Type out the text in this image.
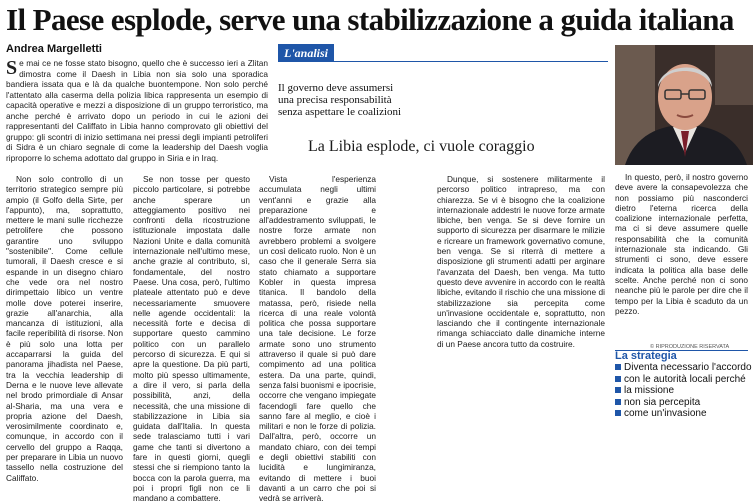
Il Paese esplode, serve una stabilizzazione a guida italiana
Andrea Margelletti

Se mai ce ne fosse stato bisogno, quello che è successo ieri a Zlitan dimostra come il Daesh in Libia non sia solo una sporadica bandiera issata qua e là da qualche buontempone. Non solo perché l'attentato alla caserma della polizia libica rappresenta un esempio di capacità operative e mezzi a disposizione di un gruppo terroristico, ma anche perché è arrivato dopo un periodo in cui le azioni dei rappresentanti del Califfato in Libia hanno comprovato gli obiettivi del gruppo: gli scontri di inizio settimana nei pressi degli impianti petroliferi di Sidra è un chiaro segnale di come la leadership del Daesh voglia riproporre lo schema adottato dal gruppo in Siria e in Iraq.

L'analisi

Il governo deve assumersi
una precisa responsabilità
senza aspettare le coalizioni

La Libia esplode, ci vuole coraggio

Non solo controllo di un territorio strategico sempre più ampio (il Golfo della Sirte, per l'appunto), ma, soprattutto, mettere le mani sulle ricchezze petrolifere che possono garantire uno sviluppo "sostenibile". Come cellule tumorali, il Daesh cresce e si espande in un disegno chiaro che vede ora nel nostro dirimpettaio libico un ventre molle dove poterei inserire, grazie all'anarchia, alla mancanza di istituzioni, alla facile reperibilità di risorse. Non è più solo una lotta per accaparrarsi la guida del panorama jihadista nel Paese, tra la vecchia leadership di Derna e le nuove leve allevate nel brodo primordiale di Ansar al-Sharia, ma una vera e propria azione del Daesh, verosimilmente coordinato e, comunque, in accordo con il cervello del gruppo a Raqqa, per preparare in Libia un nuovo tassello nella costruzione del Califfato.

Se non tosse per questo piccolo particolare, si potrebbe anche sperare un atteggiamento positivo nei confronti della ricostruzione istituzionale impostata dalle Nazioni Unite e dalla comunità internazionale nell'ultimo mese, anche grazie al contributo, sì, fondamentale, del nostro Paese. Una cosa, però, l'ultimo plateale attentato può e deve necessariamente smuovere nelle agende occidentali: la necessità forte e decisa di supportare questo cammino politico con un parallelo percorso di sicurezza. E qui si apre la questione. Da più parti, molto più spesso ultimamente, a dire il vero, si parla della possibilità, anzi, della necessità, che una missione di stabilizzazione in Libia sia guidata dall'Italia. In questa sede tralasciamo tutti i vari game che tanti si divertono a fare in questi giorni, quegli stessi che si riempiono tanto la bocca con la parola guerra, ma poi i propri figli non ce li mandano a combattere.

Vista l'esperienza accumulata negli ultimi vent'anni e grazie alla preparazione e all'addestramento sviluppati, le nostre forze armate non avrebbero problemi a svolgere un così delicato ruolo. Non è un caso che il generale Serra sia stato chiamato a supportare Kobler in questa impresa titanica. Il bandolo della matassa, però, risiede nella ricerca di una reale volontà politica che possa supportare una tale decisione. Le forze armate sono uno strumento attraverso il quale si può dare compimento ad una politica estera. Da una parte, quindi, senza falsi buonismi e ipocrisie, occorre che vengano impiegate facendogli fare quello che sanno fare al meglio, e cioè i militari e non le forze di polizia. Dall'altra, però, occorre un mandato chiaro, con dei tempi e degli obiettivi stabiliti con lucidità e lungimiranza, evitando di mettere i buoi davanti a un carro che poi si vedrà se arriverà.

Dunque, si sostenere militarmente il percorso politico intrapreso, ma con chiarezza. Se vi è bisogno che la coalizione internazionale addestri le nuove forze armate libiche, ben venga. Se si deve fornire un supporto di sicurezza per disarmare le milizie e ricreare un framework governativo comune, ben venga. Se si riterrà di mettere a disposizione gli strumenti adatti per arginare l'avanzata del Daesh, ben venga. Ma tutto questo deve avvenire in accordo con le realtà libiche, evitando il rischio che una missione di stabilizzazione sia percepita come un'invasione occidentale e, soprattutto, non lasciando che il contingente internazionale rimanga schiacciato dalle dinamiche interne di un Paese ancora tutto da costruire.

In questo, però, il nostro governo deve avere la consapevolezza che non possiamo più nasconderci dietro l'eterna ricerca della coalizione internazionale perfetta, ma ci si deve assumere quelle responsabilità che la comunità internazionale sta indicando. Gli strumenti ci sono, deve essere indicata la politica alla base delle scelte. Anche perché non ci sono neanche più le parole per dire che il tempo per la Libia è scaduto da un pezzo.

© RIPRODUZIONE RISERVATA
La strategia
Diventa necessario l'accordo
con le autorità locali perché
la missione
non sia percepita
come un'invasione
